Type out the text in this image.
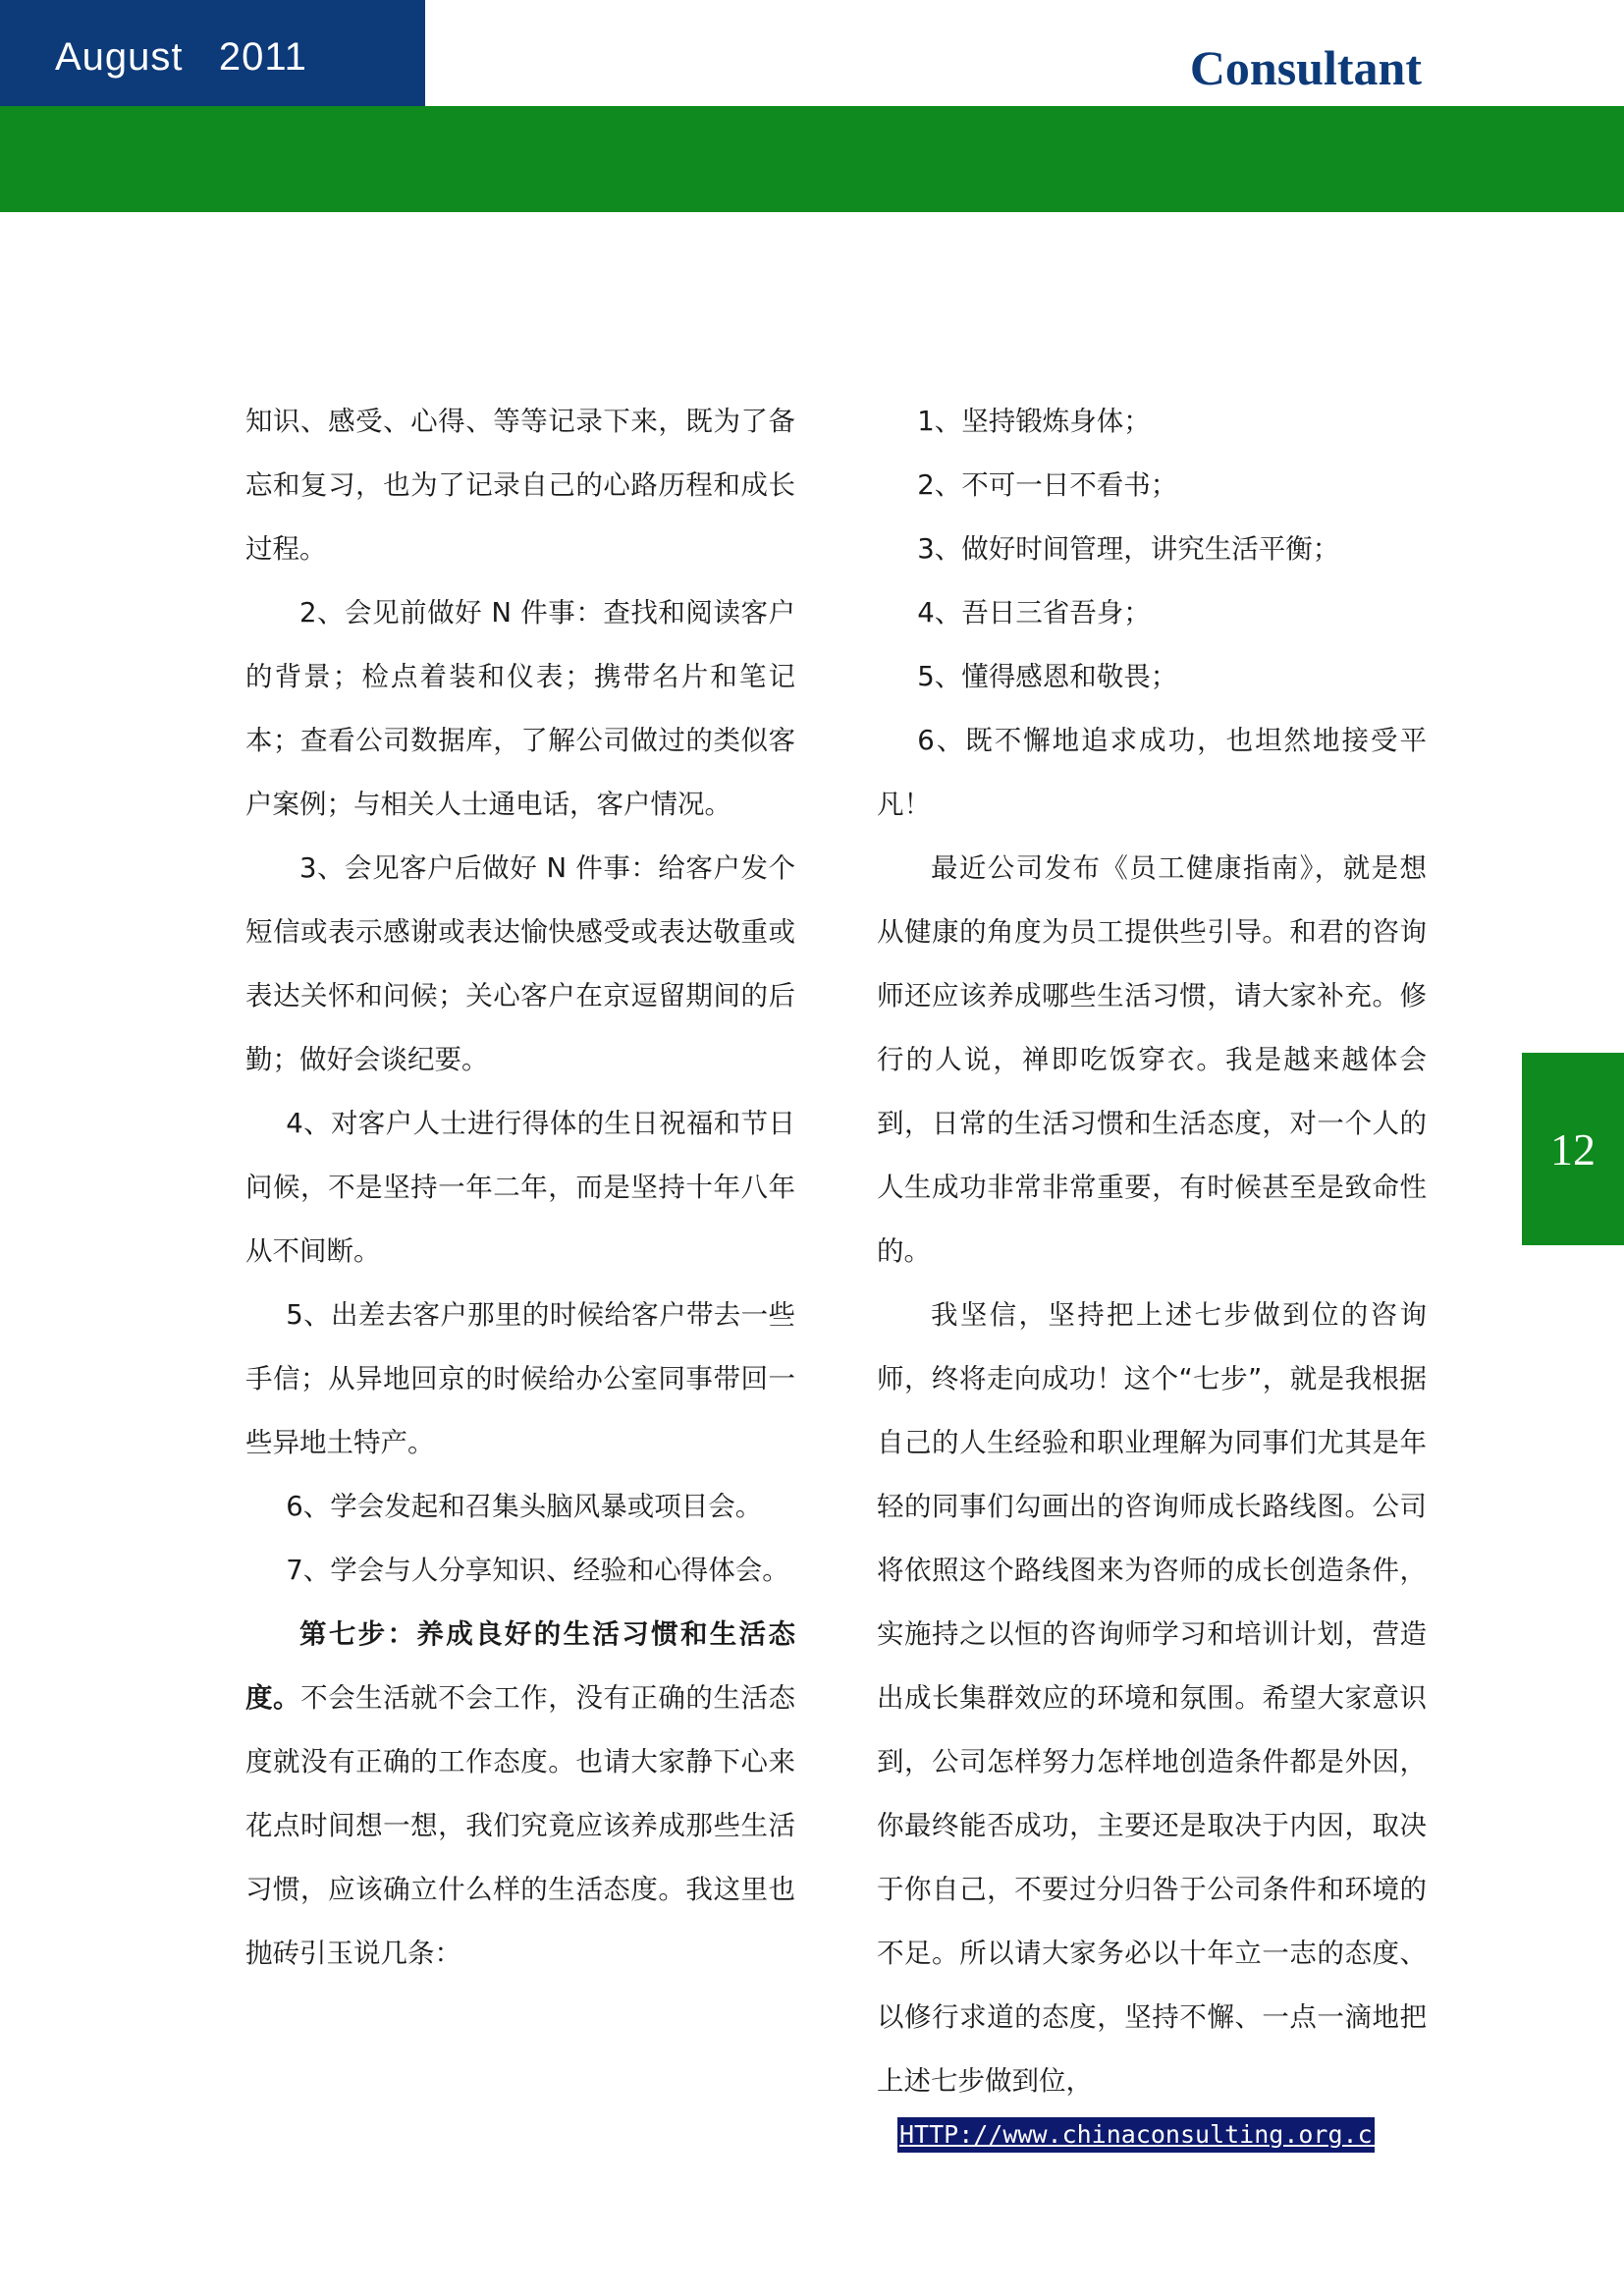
August 2011	Consultant

知识、感受、心得、等等记录下来，既为了备忘和复习，也为了记录自己的心路历程和成长过程。

2、会见前做好 N 件事：查找和阅读客户的背景；检点着装和仪表；携带名片和笔记本；查看公司数据库，了解公司做过的类似客户案例；与相关人士通电话，客户情况。

3、会见客户后做好 N 件事：给客户发个短信或表示感谢或表达愉快感受或表达敬重或表达关怀和问候；关心客户在京逗留期间的后勤；做好会谈纪要。

4、对客户人士进行得体的生日祝福和节日问候，不是坚持一年二年，而是坚持十年八年从不间断。

5、出差去客户那里的时候给客户带去一些手信；从异地回京的时候给办公室同事带回一些异地土特产。

6、学会发起和召集头脑风暴或项目会。

7、学会与人分享知识、经验和心得体会。

第七步：养成良好的生活习惯和生活态度。不会生活就不会工作，没有正确的生活态度就没有正确的工作态度。也请大家静下心来花点时间想一想，我们究竟应该养成那些生活习惯，应该确立什么样的生活态度。我这里也抛砖引玉说几条：

1、坚持锻炼身体；

2、不可一日不看书；

3、做好时间管理，讲究生活平衡；

4、吾日三省吾身；

5、懂得感恩和敬畏；

6、既不懈地追求成功，也坦然地接受平凡！

最近公司发布《员工健康指南》，就是想从健康的角度为员工提供些引导。和君的咨询师还应该养成哪些生活习惯，请大家补充。修行的人说，禅即吃饭穿衣。我是越来越体会到，日常的生活习惯和生活态度，对一个人的人生成功非常非常重要，有时候甚至是致命性的。

我坚信，坚持把上述七步做到位的咨询师，终将走向成功！这个“七步”，就是我根据自己的人生经验和职业理解为同事们尤其是年轻的同事们勾画出的咨询师成长路线图。公司将依照这个路线图来为咨师的成长创造条件，实施持之以恒的咨询师学习和培训计划，营造出成长集群效应的环境和氛围。希望大家意识到，公司怎样努力怎样地创造条件都是外因，你最终能否成功，主要还是取决于内因，取决于你自己，不要过分归咎于公司条件和环境的不足。所以请大家务必以十年立一志的态度、以修行求道的态度，坚持不懈、一点一滴地把上述七步做到位，

12
HTTP://www.chinaconsulting.org.cn
